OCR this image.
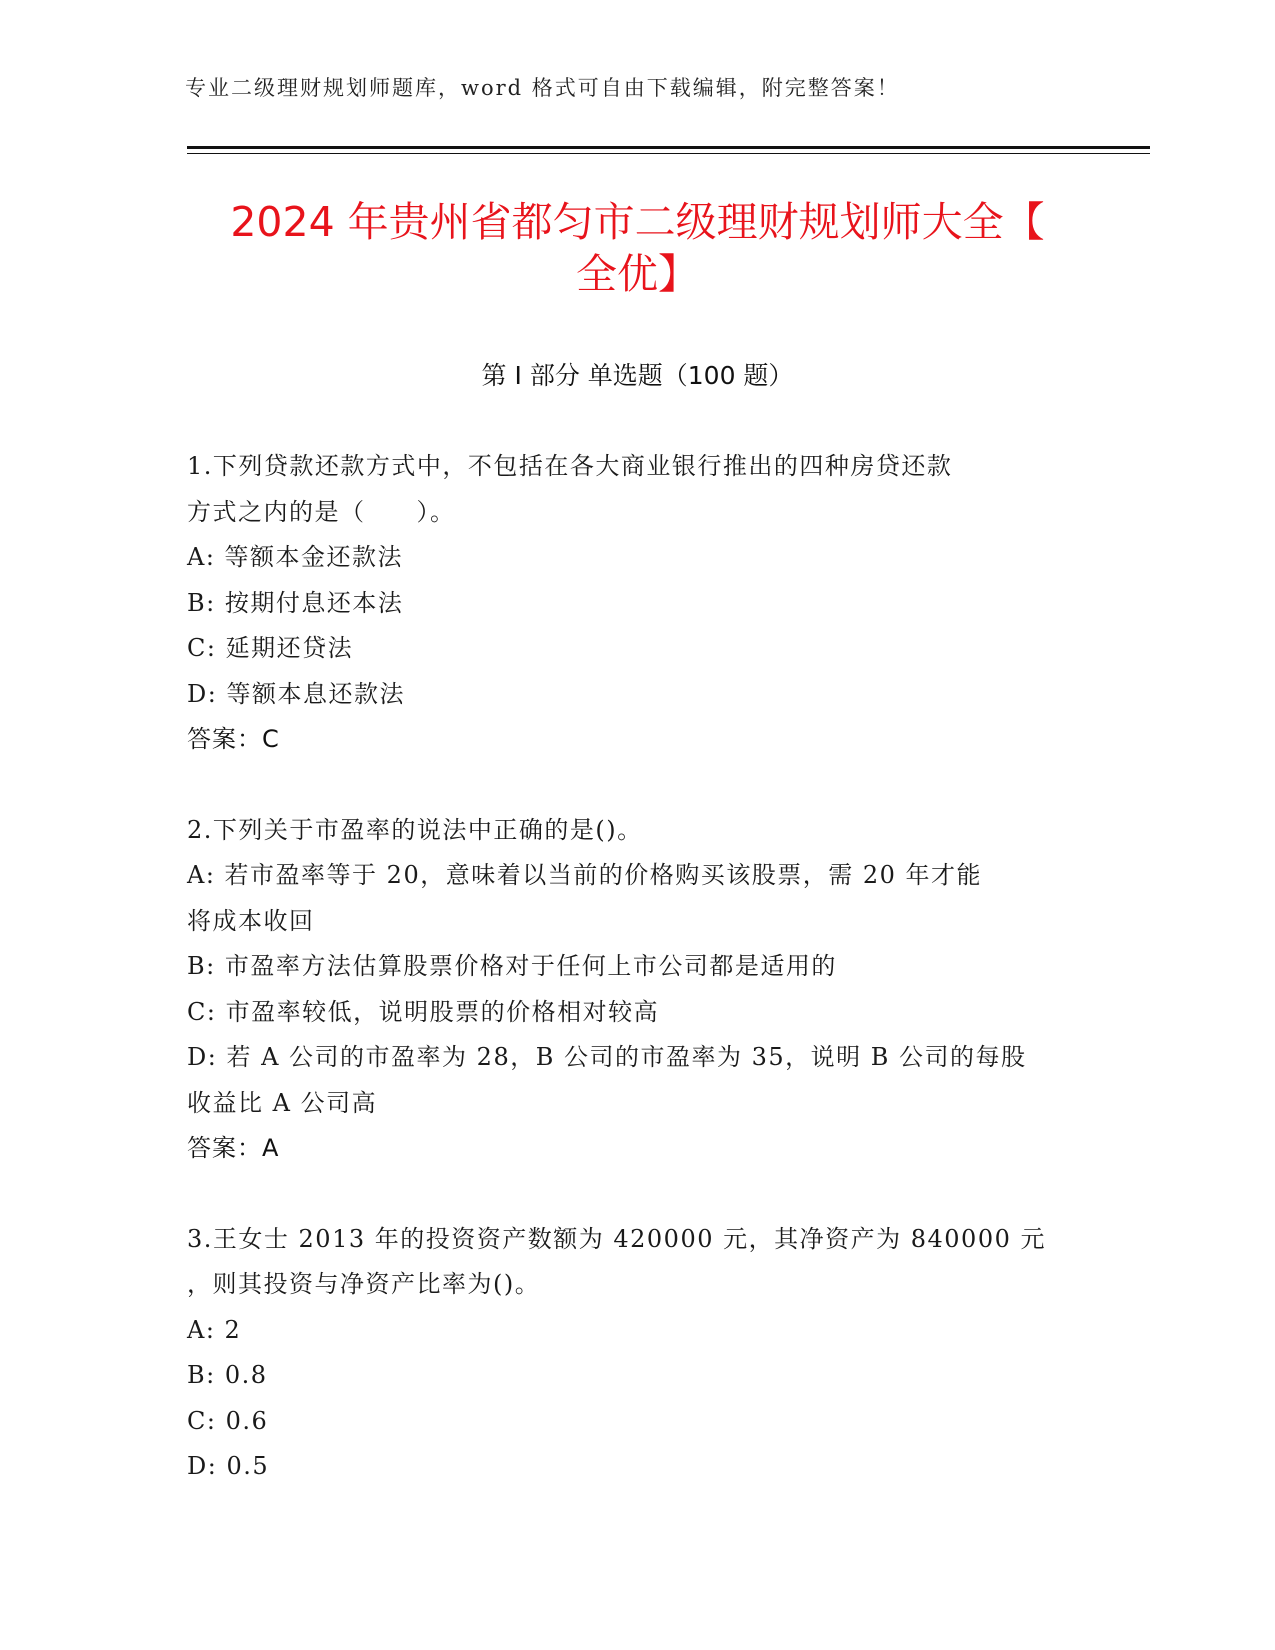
专业二级理财规划师题库，word 格式可自由下载编辑，附完整答案！
2024 年贵州省都匀市二级理财规划师大全【
全优】
第 I 部分 单选题（100 题）

1.下列贷款还款方式中，不包括在各大商业银行推出的四种房贷还款

方式之内的是（　　）。

A: 等额本金还款法

B: 按期付息还本法

C: 延期还贷法

D: 等额本息还款法

答案：C

2.下列关于市盈率的说法中正确的是()。

A: 若市盈率等于 20，意味着以当前的价格购买该股票，需 20 年才能

将成本收回

B: 市盈率方法估算股票价格对于任何上市公司都是适用的

C: 市盈率较低，说明股票的价格相对较高

D: 若 A 公司的市盈率为 28，B 公司的市盈率为 35，说明 B 公司的每股

收益比 A 公司高

答案：A

3.王女士 2013 年的投资资产数额为 420000 元，其净资产为 840000 元

，则其投资与净资产比率为()。

A: 2

B: 0.8

C: 0.6

D: 0.5
